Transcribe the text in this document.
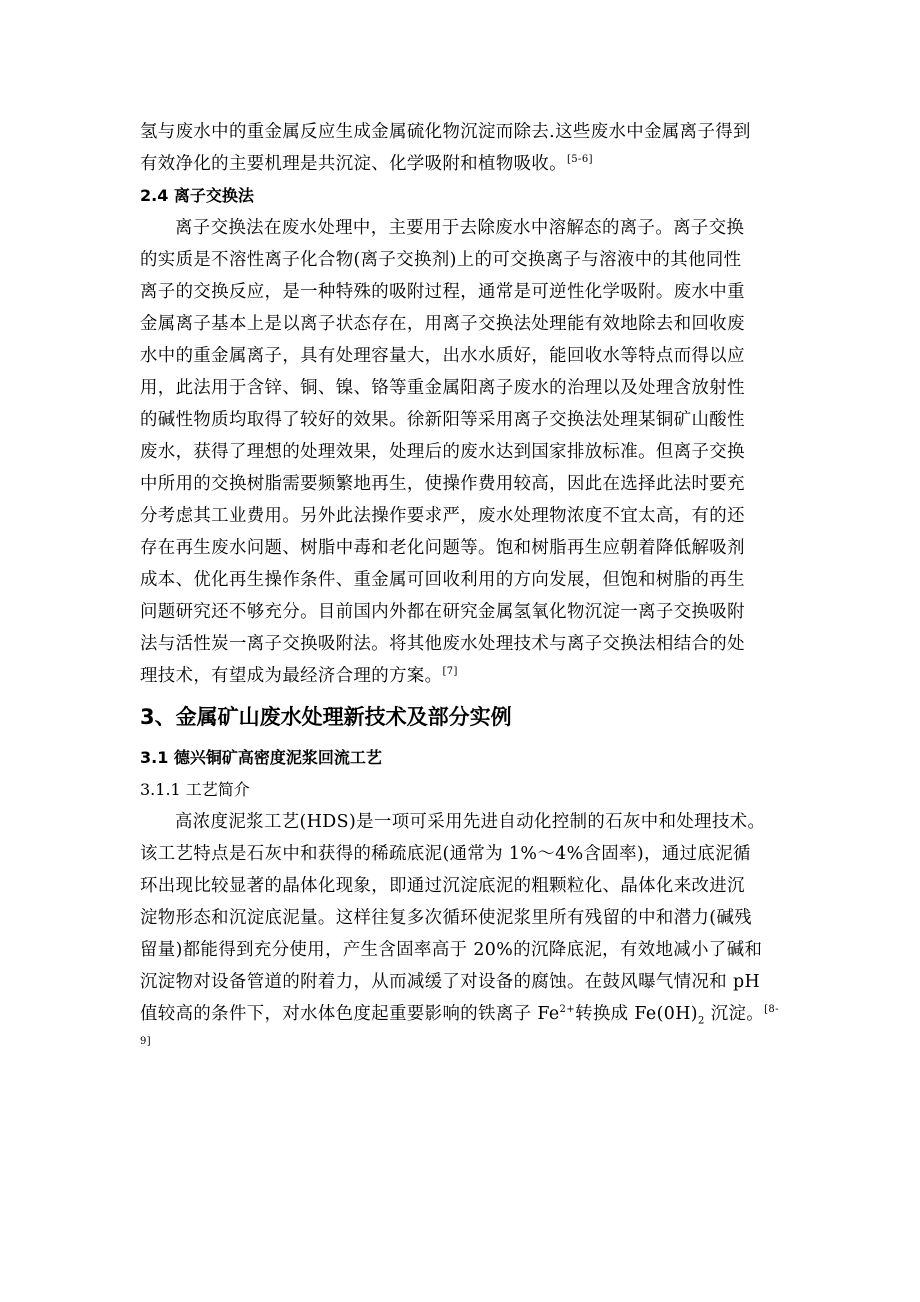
氢与废水中的重金属反应生成金属硫化物沉淀而除去.这些废水中金属离子得到
有效净化的主要机理是共沉淀、化学吸附和植物吸收。[5-6]
2.4 离子交换法
离子交换法在废水处理中，主要用于去除废水中溶解态的离子。离子交换
的实质是不溶性离子化合物(离子交换剂)上的可交换离子与溶液中的其他同性
离子的交换反应，是一种特殊的吸附过程，通常是可逆性化学吸附。废水中重
金属离子基本上是以离子状态存在，用离子交换法处理能有效地除去和回收废
水中的重金属离子，具有处理容量大，出水水质好，能回收水等特点而得以应
用，此法用于含锌、铜、镍、铬等重金属阳离子废水的治理以及处理含放射性
的碱性物质均取得了较好的效果。徐新阳等采用离子交换法处理某铜矿山酸性
废水，获得了理想的处理效果，处理后的废水达到国家排放标准。但离子交换
中所用的交换树脂需要频繁地再生，使操作费用较高，因此在选择此法时要充
分考虑其工业费用。另外此法操作要求严，废水处理物浓度不宜太高，有的还
存在再生废水问题、树脂中毒和老化问题等。饱和树脂再生应朝着降低解吸剂
成本、优化再生操作条件、重金属可回收利用的方向发展，但饱和树脂的再生
问题研究还不够充分。目前国内外都在研究金属氢氧化物沉淀一离子交换吸附
法与活性炭一离子交换吸附法。将其他废水处理技术与离子交换法相结合的处
理技术，有望成为最经济合理的方案。[7]
3、金属矿山废水处理新技术及部分实例
3.1 德兴铜矿高密度泥浆回流工艺
3.1.1 工艺简介
高浓度泥浆工艺(HDS)是一项可采用先进自动化控制的石灰中和处理技术。
该工艺特点是石灰中和获得的稀疏底泥(通常为 1%～4%含固率)，通过底泥循
环出现比较显著的晶体化现象，即通过沉淀底泥的粗颗粒化、晶体化来改进沉
淀物形态和沉淀底泥量。这样往复多次循环使泥浆里所有残留的中和潜力(碱残
留量)都能得到充分使用，产生含固率高于 20%的沉降底泥，有效地减小了碱和
沉淀物对设备管道的附着力，从而减缓了对设备的腐蚀。在鼓风曝气情况和 pH
值较高的条件下，对水体色度起重要影响的铁离子 $Fe^{2+}$转换成 $Fe(0H)_2$ 沉淀。$^{[8-}$
$^{9]}$
